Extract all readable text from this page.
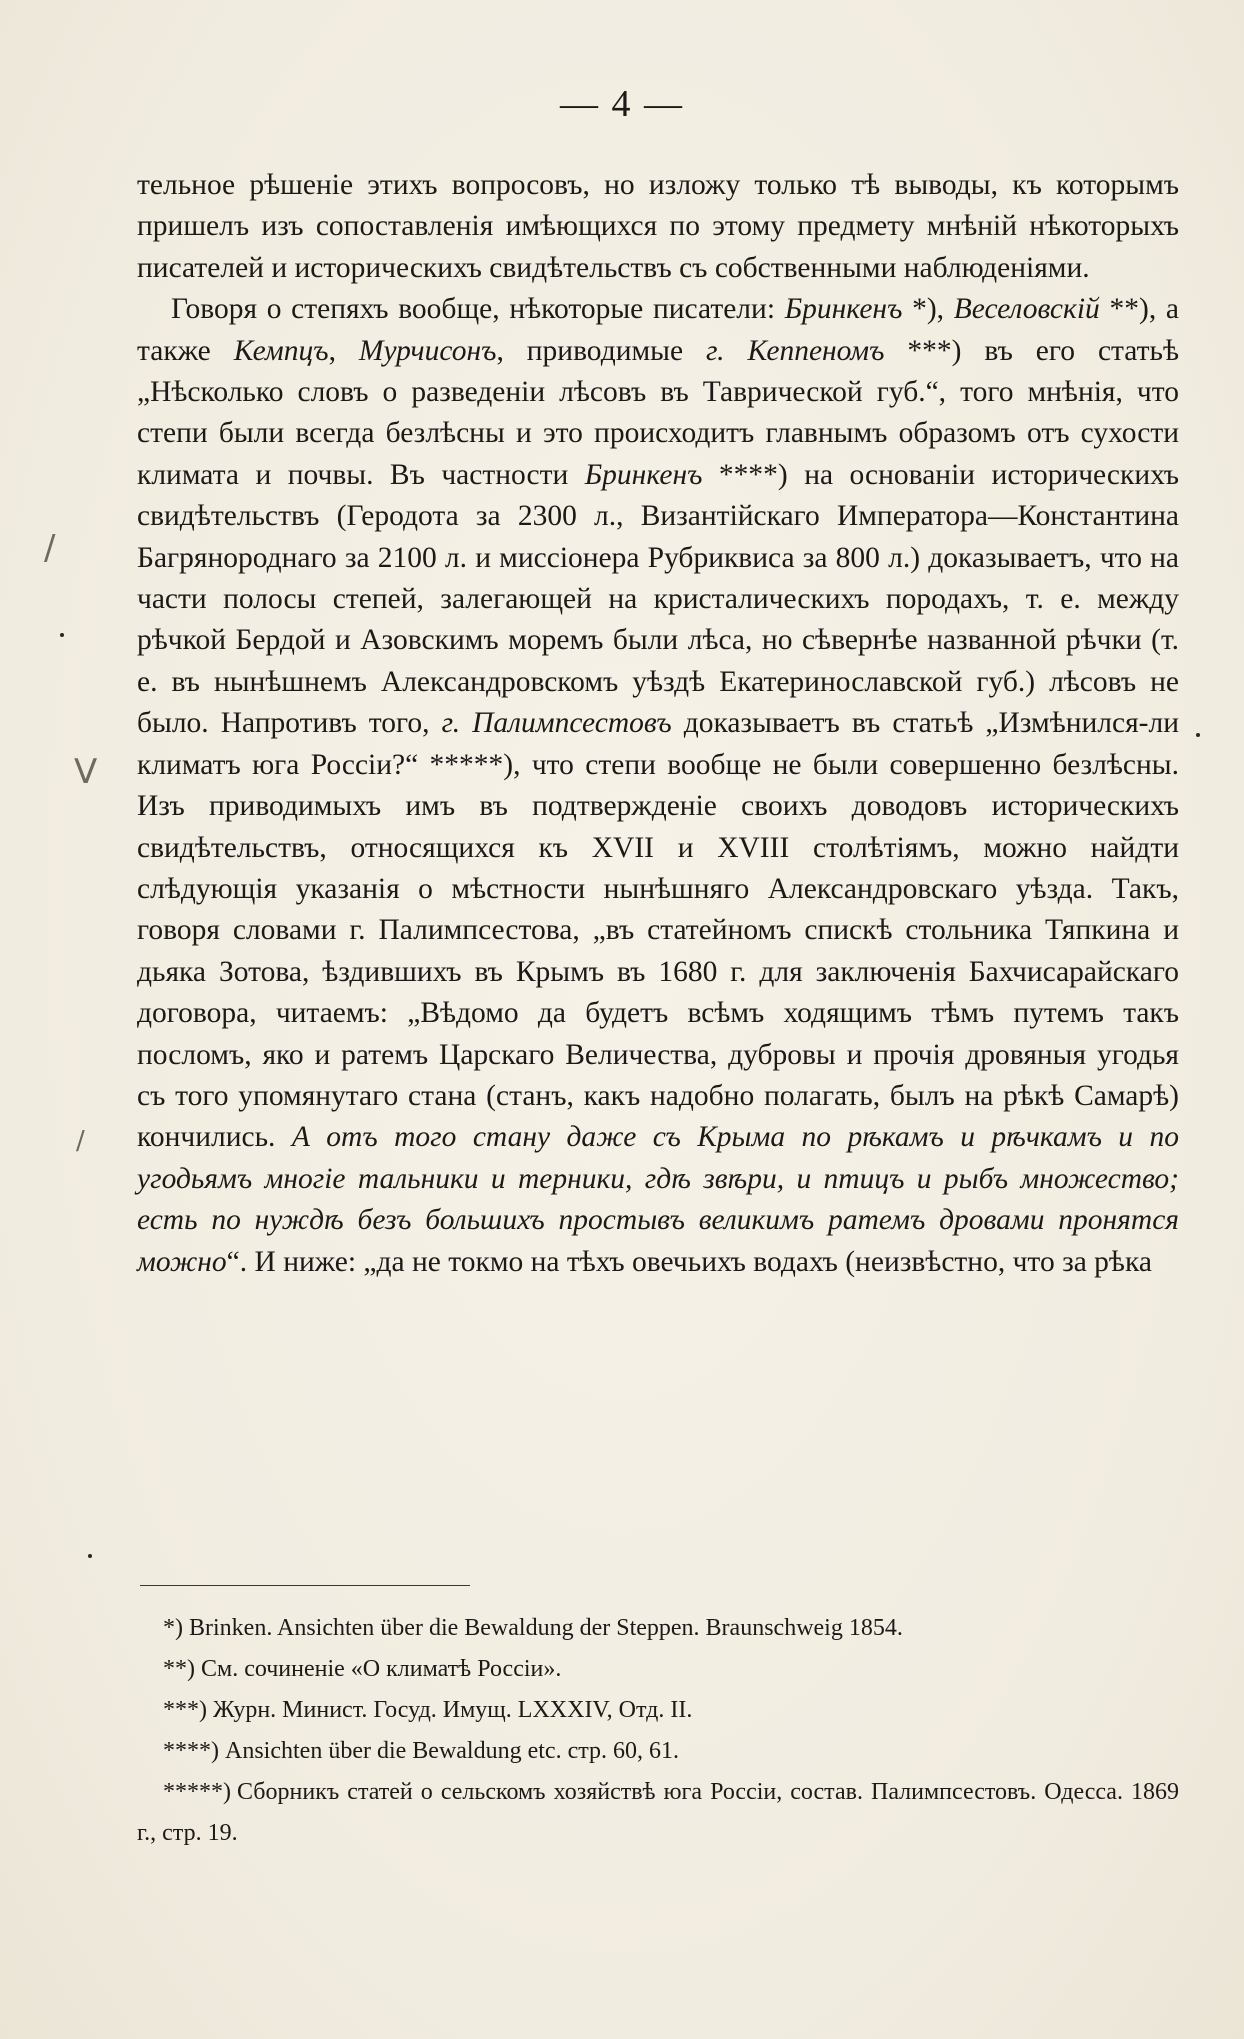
— 4 —

тельное рѣшеніе этихъ вопросовъ, но изложу только тѣ выводы, къ которымъ пришелъ изъ сопоставленія имѣющихся по этому предмету мнѣній нѣкоторыхъ писателей и историческихъ свидѣтельствъ съ собственными наблюденіями.

Говоря о степяхъ вообще, нѣкоторые писатели: Бринкенъ *), Веселовскій **), а также Кемпцъ, Мурчисонъ, приводимые г. Кеппеномъ ***) въ его статьѣ „Нѣсколько словъ о разведеніи лѣсовъ въ Таврической губ.“, того мнѣнія, что степи были всегда безлѣсны и это происходитъ главнымъ образомъ отъ сухости климата и почвы. Въ частности Бринкенъ ****) на основаніи историческихъ свидѣтельствъ (Геродота за 2300 л., Византійскаго Императора—Константина Багрянороднаго за 2100 л. и миссіонера Рубриквиса за 800 л.) доказываетъ, что на части полосы степей, залегающей на кристалическихъ породахъ, т. е. между рѣчкой Бердой и Азовскимъ моремъ были лѣса, но сѣвернѣе названной рѣчки (т. е. въ нынѣшнемъ Александровскомъ уѣздѣ Екатеринославской губ.) лѣсовъ не было. Напротивъ того, г. Палимпсестовъ доказываетъ въ статьѣ „Измѣнился-ли климатъ юга Россіи?“ *****), что степи вообще не были совершенно безлѣсны. Изъ приводимыхъ имъ въ подтвержденіе своихъ доводовъ историческихъ свидѣтельствъ, относящихся къ XVII и XVIII столѣтіямъ, можно найдти слѣдующія указанія о мѣстности нынѣшняго Александровскаго уѣзда. Такъ, говоря словами г. Палимпсестова, „въ статейномъ спискѣ стольника Тяпкина и дьяка Зотова, ѣздившихъ въ Крымъ въ 1680 г. для заключенія Бахчисарайскаго договора, читаемъ: „Вѣдомо да будетъ всѣмъ ходящимъ тѣмъ путемъ такъ посломъ, яко и ратемъ Царскаго Величества, дубровы и прочія дровяныя угодья съ того упомянутаго стана (станъ, какъ надобно полагать, былъ на рѣкѣ Самарѣ) кончились. А отъ того стану даже съ Крыма по рѣкамъ и рѣчкамъ и по угодьямъ многіе тальники и терники, гдѣ звѣри, и птицъ и рыбъ множество; есть по нуждѣ безъ большихъ простывъ великимъ ратемъ дровами пронятся можно“. И ниже: „да не токмо на тѣхъ овечьихъ водахъ (неизвѣстно, что за рѣка

*) Brinken. Ansichten über die Bewaldung der Steppen. Braunschweig 1854.
**) См. сочиненіе «О климатѣ Россіи».
***) Журн. Минист. Госуд. Имущ. LXXXIV, Отд. II.
****) Ansichten über die Bewaldung etc. стр. 60, 61.
*****) Сборникъ статей о сельскомъ хозяйствѣ юга Россіи, состав. Палимпсестовъ. Одесса. 1869 г., стр. 19.
/
V
/
